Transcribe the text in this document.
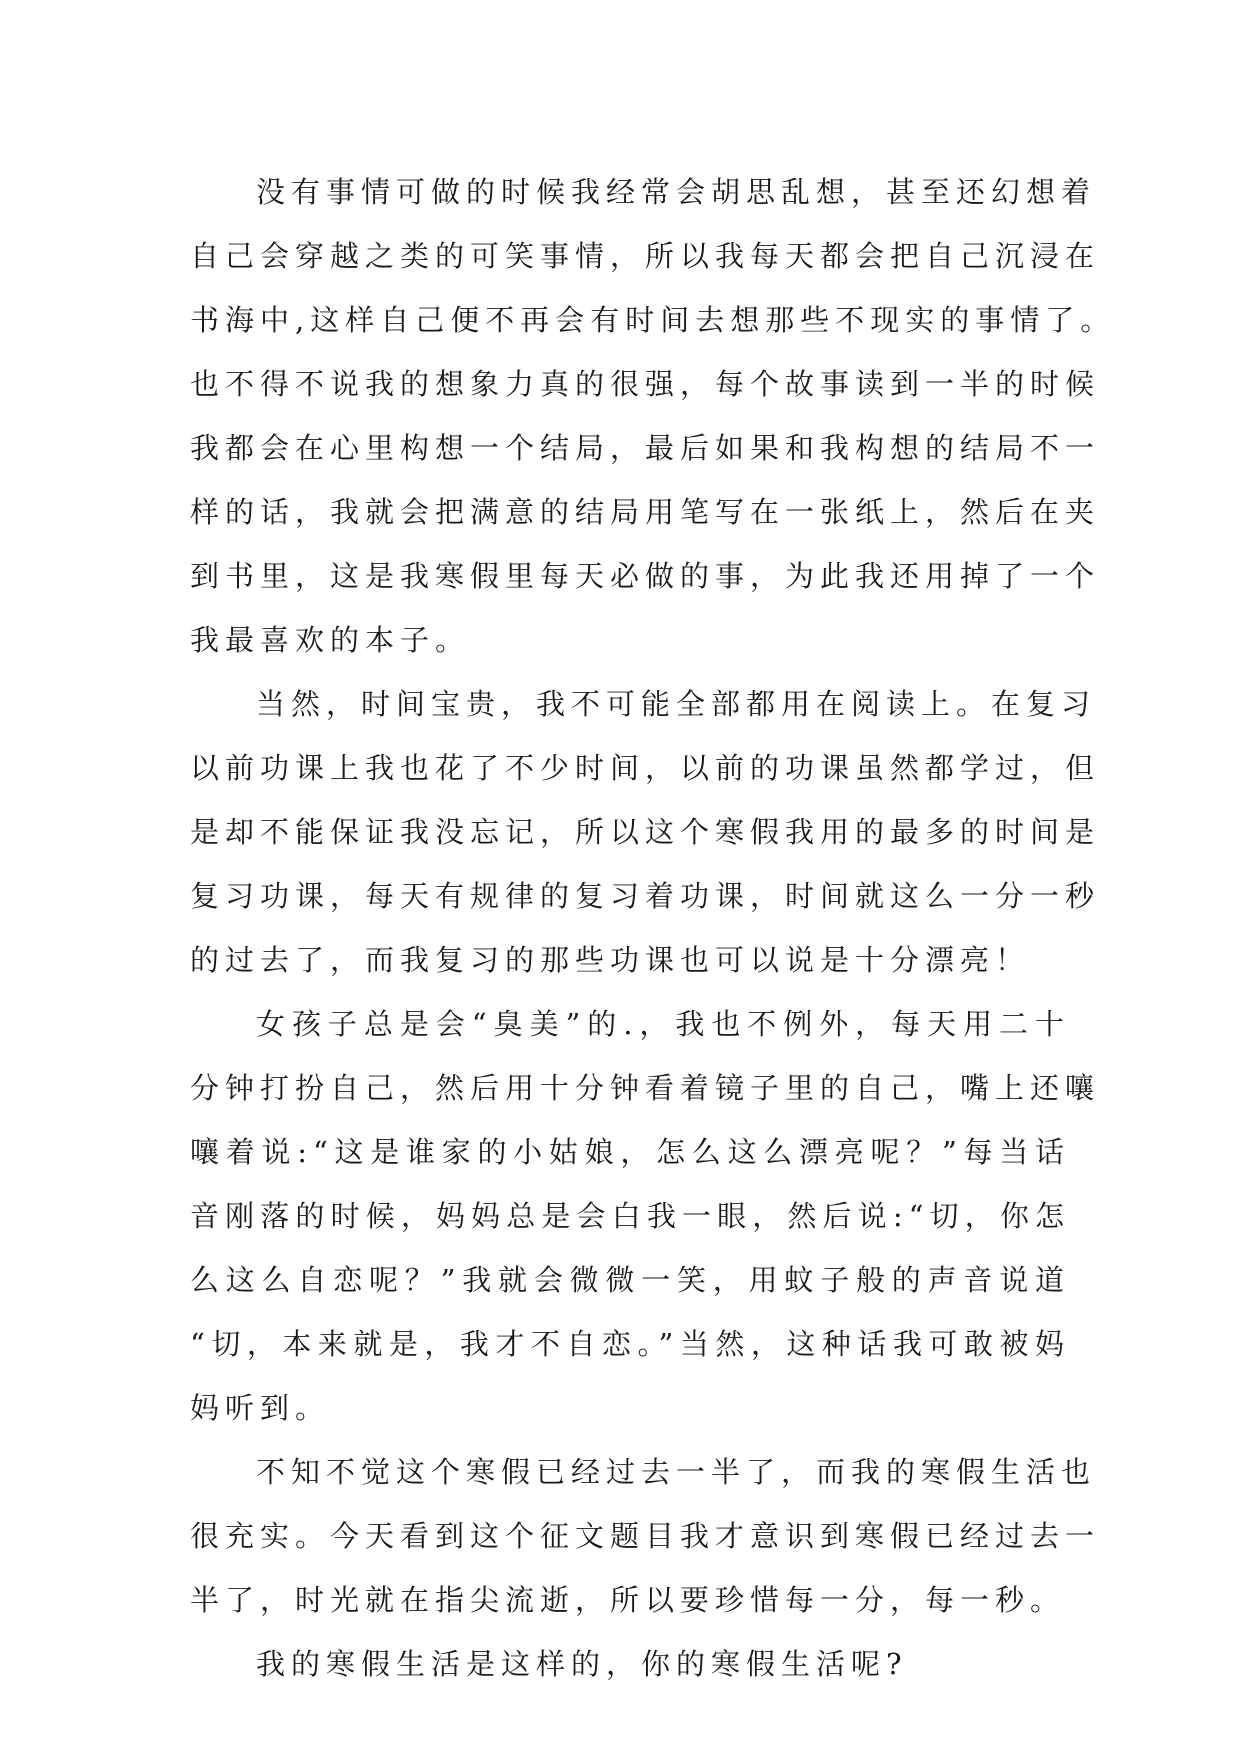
没有事情可做的时候我经常会胡思乱想，甚至还幻想着
自己会穿越之类的可笑事情，所以我每天都会把自己沉浸在
书海中,这样自己便不再会有时间去想那些不现实的事情了。
也不得不说我的想象力真的很强，每个故事读到一半的时候
我都会在心里构想一个结局，最后如果和我构想的结局不一
样的话，我就会把满意的结局用笔写在一张纸上，然后在夹
到书里，这是我寒假里每天必做的事，为此我还用掉了一个
我最喜欢的本子。
当然，时间宝贵，我不可能全部都用在阅读上。在复习
以前功课上我也花了不少时间，以前的功课虽然都学过，但
是却不能保证我没忘记，所以这个寒假我用的最多的时间是
复习功课，每天有规律的复习着功课，时间就这么一分一秒
的过去了，而我复习的那些功课也可以说是十分漂亮！
女孩子总是会“臭美”的.，我也不例外，每天用二十
分钟打扮自己，然后用十分钟看着镜子里的自己，嘴上还嚷
嚷着说:“这是谁家的小姑娘，怎么这么漂亮呢？”每当话
音刚落的时候，妈妈总是会白我一眼，然后说:“切，你怎
么这么自恋呢？”我就会微微一笑，用蚊子般的声音说道
“切，本来就是，我才不自恋。”当然，这种话我可敢被妈
妈听到。
不知不觉这个寒假已经过去一半了，而我的寒假生活也
很充实。今天看到这个征文题目我才意识到寒假已经过去一
半了，时光就在指尖流逝，所以要珍惜每一分，每一秒。
我的寒假生活是这样的，你的寒假生活呢?
